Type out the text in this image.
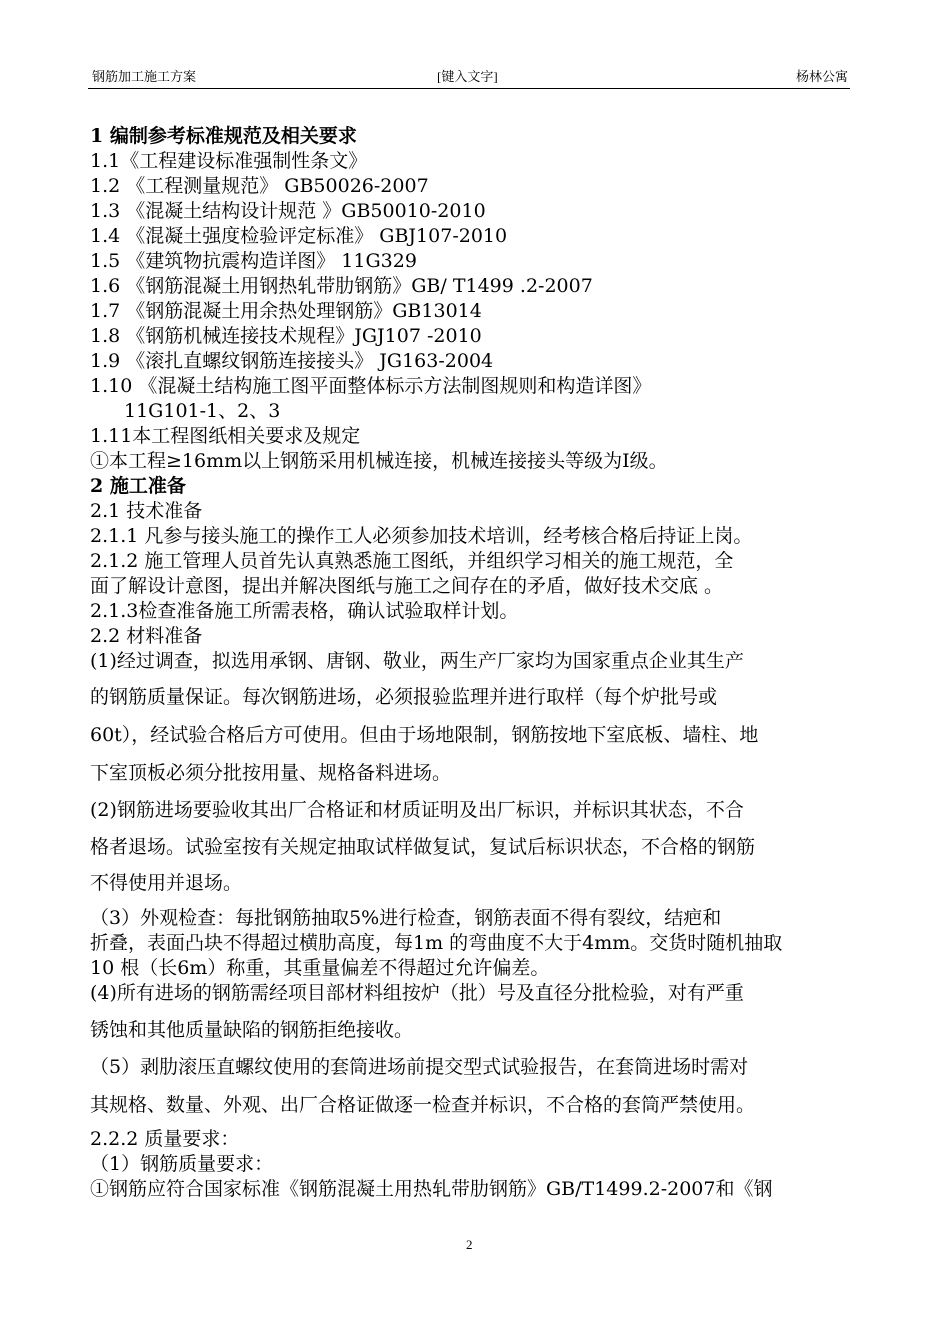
钢筋加工施工方案	[键入文字]	杨林公寓
1 编制参考标准规范及相关要求
1.1《工程建设标准强制性条文》
1.2 《工程测量规范》 GB50026-2007
1.3 《混凝土结构设计规范 》GB50010-2010
1.4 《混凝土强度检验评定标准》 GBJ107-2010
1.5 《建筑物抗震构造详图》 11G329
1.6 《钢筋混凝土用钢热轧带肋钢筋》GB/ T1499 .2-2007
1.7 《钢筋混凝土用余热处理钢筋》GB13014
1.8 《钢筋机械连接技术规程》JGJ107 -2010
1.9 《滚扎直螺纹钢筋连接接头》 JG163-2004
1.10 《混凝土结构施工图平面整体标示方法制图规则和构造详图》
11G101-1、2、3
1.11本工程图纸相关要求及规定
①本工程≥16mm以上钢筋采用机械连接，机械连接接头等级为Ⅰ级。
2 施工准备
2.1 技术准备
2.1.1 凡参与接头施工的操作工人必须参加技术培训，经考核合格后持证上岗。
2.1.2 施工管理人员首先认真熟悉施工图纸，并组织学习相关的施工规范，全
面了解设计意图，提出并解决图纸与施工之间存在的矛盾，做好技术交底 。
2.1.3检查准备施工所需表格，确认试验取样计划。
2.2 材料准备
(1)经过调查，拟选用承钢、唐钢、敬业，两生产厂家均为国家重点企业其生产
的钢筋质量保证。每次钢筋进场，必须报验监理并进行取样（每个炉批号或
60t），经试验合格后方可使用。但由于场地限制，钢筋按地下室底板、墙柱、地
下室顶板必须分批按用量、规格备料进场。
(2)钢筋进场要验收其出厂合格证和材质证明及出厂标识，并标识其状态，不合
格者退场。试验室按有关规定抽取试样做复试，复试后标识状态，不合格的钢筋
不得使用并退场。
（3）外观检查：每批钢筋抽取5%进行检查，钢筋表面不得有裂纹，结疤和
折叠，表面凸块不得超过横肋高度，每1m 的弯曲度不大于4mm。交货时随机抽取
10 根（长6m）称重，其重量偏差不得超过允许偏差。
(4)所有进场的钢筋需经项目部材料组按炉（批）号及直径分批检验，对有严重
锈蚀和其他质量缺陷的钢筋拒绝接收。
（5）剥肋滚压直螺纹使用的套筒进场前提交型式试验报告，在套筒进场时需对
其规格、数量、外观、出厂合格证做逐一检查并标识，不合格的套筒严禁使用。
2.2.2 质量要求：
（1）钢筋质量要求：
①钢筋应符合国家标准《钢筋混凝土用热轧带肋钢筋》GB/T1499.2-2007和《钢
2
